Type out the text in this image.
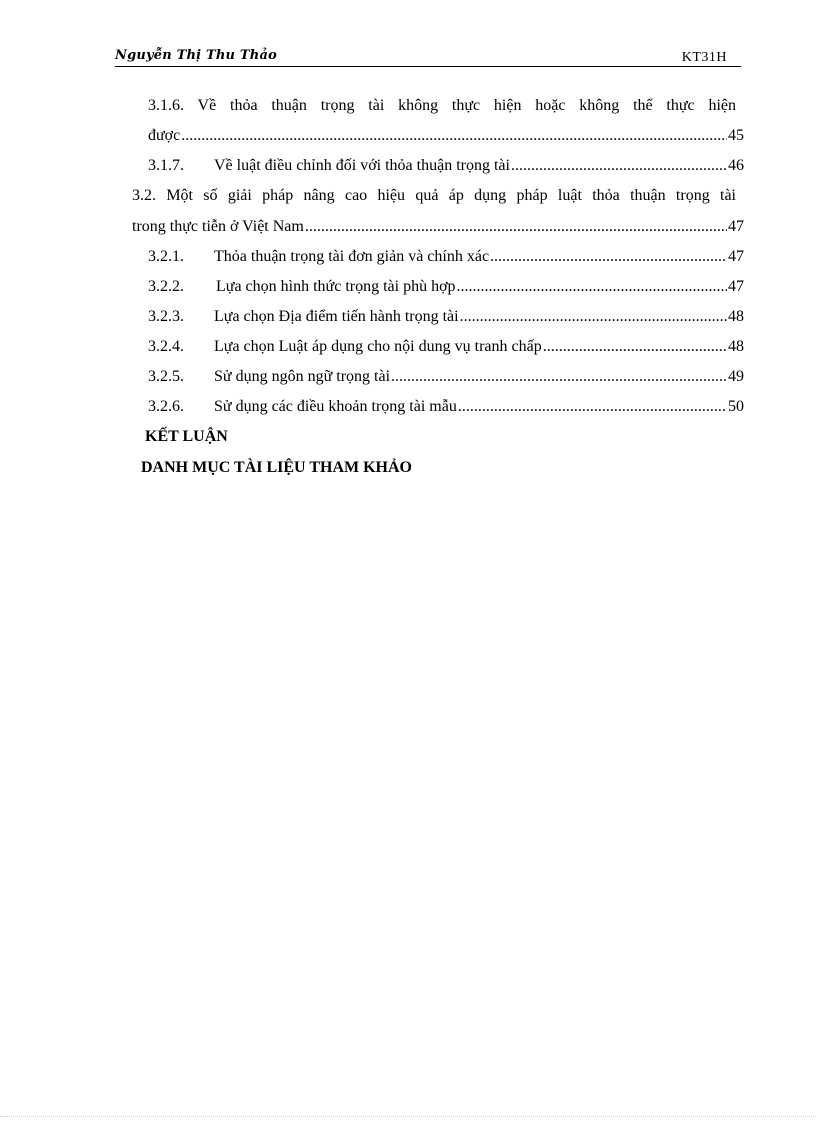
Nguyễn Thị Thu Thảo	KT31H
3.1.6. Về thỏa thuận trọng tài không thực hiện hoặc không thể thực hiện
được .....	45
3.1.7.	Về luật điều chỉnh đối với thỏa thuận trọng tài .....	46
3.2. Một số giải pháp nâng cao hiệu quả áp dụng pháp luật thỏa thuận trọng tài
trong thực tiễn ở Việt Nam .....	47
3.2.1.	Thỏa thuận trọng tài đơn giản và chính xác .....	47
3.2.2.	Lựa chọn hình thức trọng tài phù hợp .....	47
3.2.3.	Lựa chọn Địa điểm tiến hành trọng tài .....	48
3.2.4.	Lựa chọn Luật áp dụng cho nội dung vụ tranh chấp .....	48
3.2.5.	Sử dụng ngôn ngữ trọng tài .....	49
3.2.6.	Sử dụng các điều khoản trọng tài mẫu .....	50
KẾT LUẬN
DANH MỤC TÀI LIỆU THAM KHẢO
